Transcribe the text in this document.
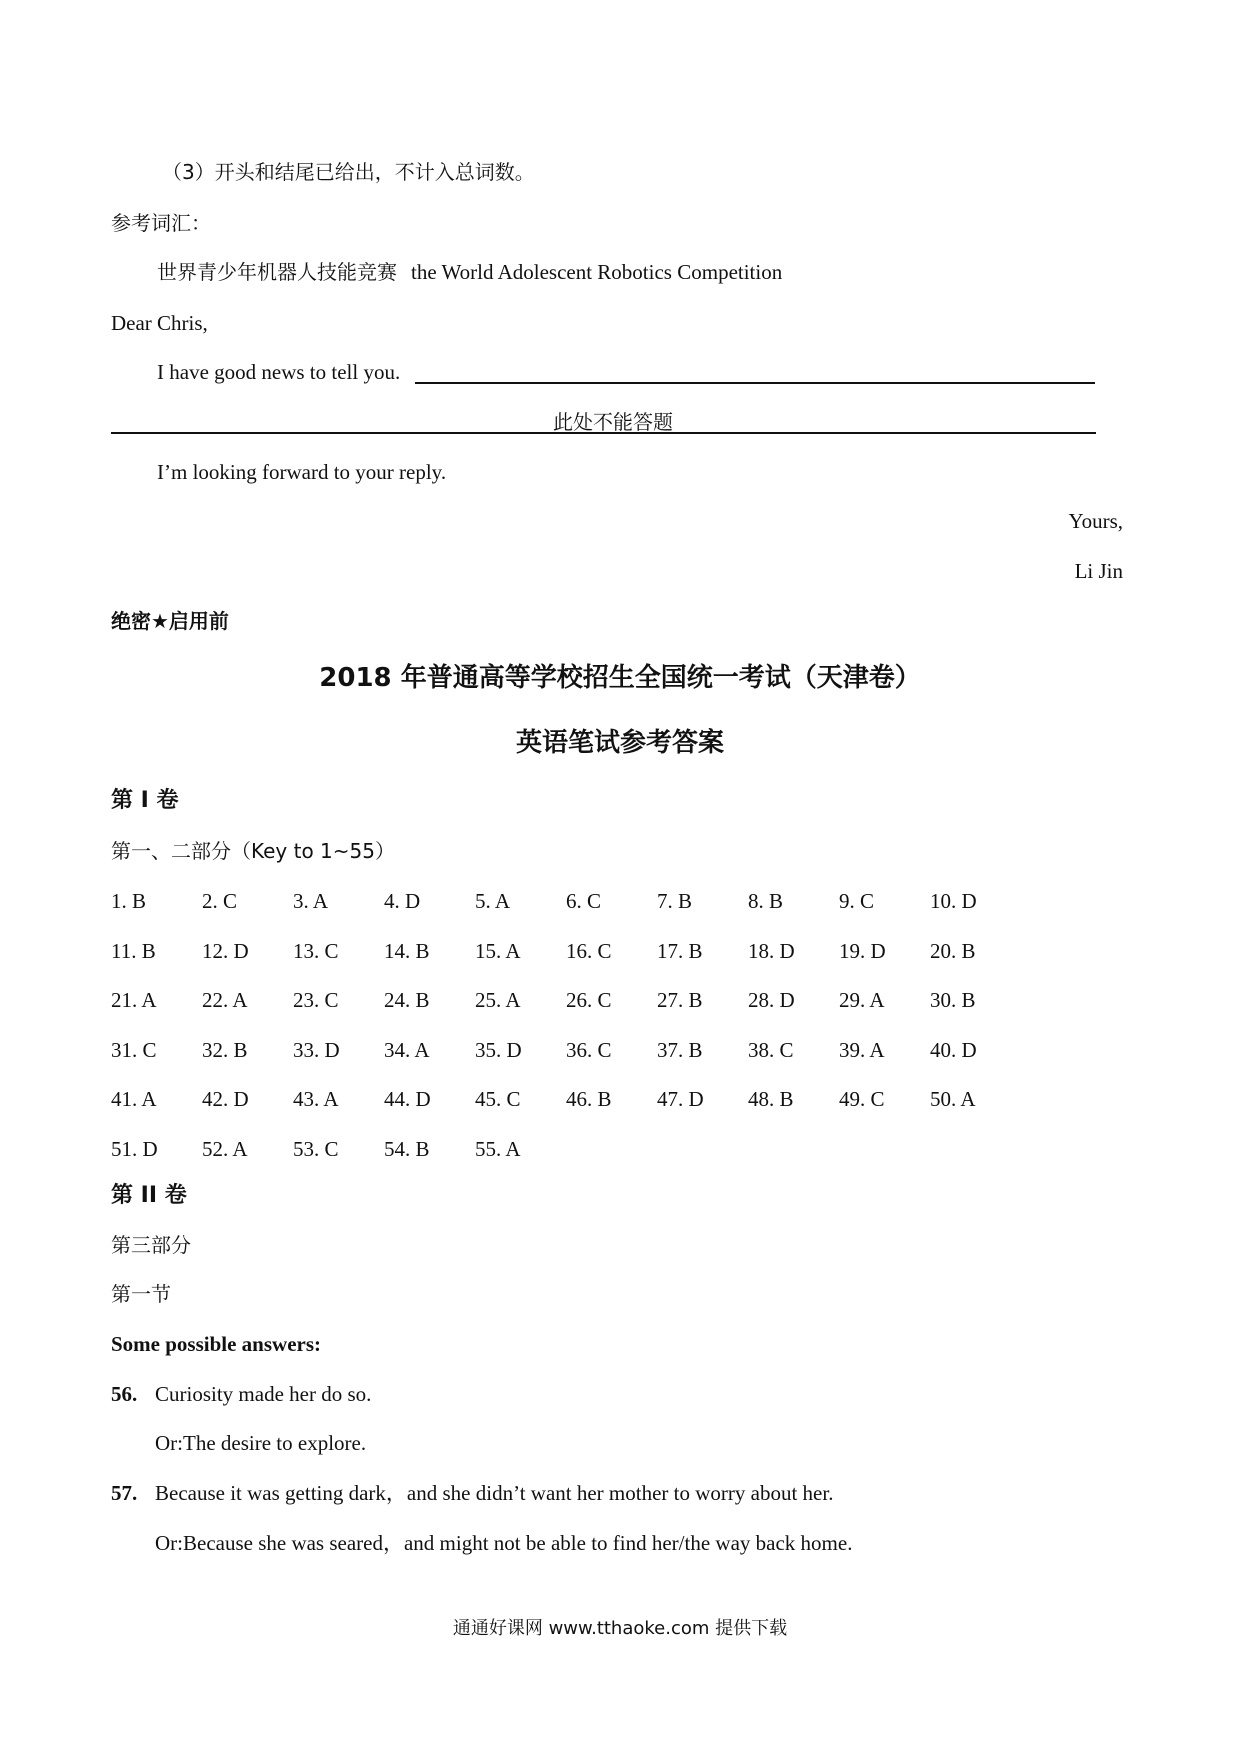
（3）开头和结尾已给出，不计入总词数。
参考词汇：
世界青少年机器人技能竞赛 the World Adolescent Robotics Competition
Dear Chris,
I have good news to tell you.
此处不能答题
I’m looking forward to your reply.
Yours,
Li Jin
绝密★启用前
2018 年普通高等学校招生全国统一考试（天津卷）
英语笔试参考答案
第 I 卷
第一、二部分（Key to 1~55）
1. B	2. C	3. A	4. D	5. A	6. C	7. B	8. B	9. C	10. D
11. B 12. D 13. C 14. B 15. A 16. C 17. B 18. D 19. D 20. B
21. A 22. A 23. C 24. B 25. A 26. C 27. B 28. D 29. A 30. B
31. C 32. B 33. D 34. A 35. D 36. C 37. B 38. C 39. A 40. D
41. A 42. D 43. A 44. D 45. C 46. B 47. D 48. B 49. C 50. A
51. D 52. A 53. C 54. B 55. A
第 II 卷
第三部分
第一节
Some possible answers:
56. Curiosity made her do so.
Or:The desire to explore.
57. Because it was getting dark，and she didn’t want her mother to worry about her.
Or:Because she was seared，and might not be able to find her/the way back home.
通通好课网 www.tthaoke.com 提供下载
